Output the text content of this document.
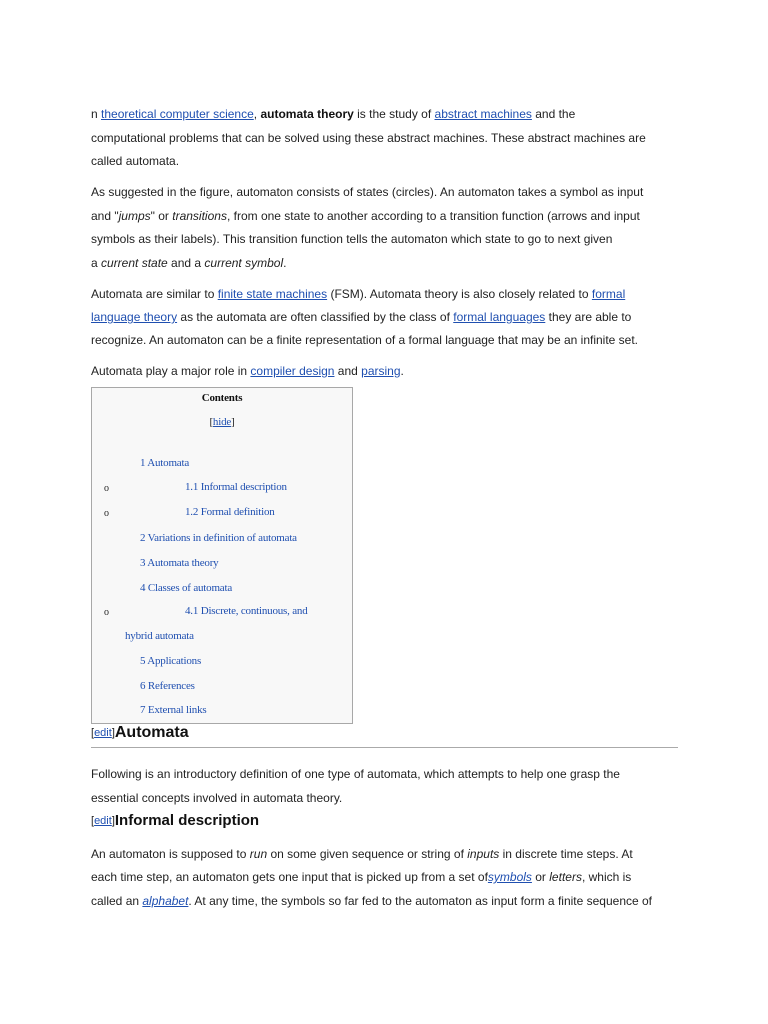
n theoretical computer science, automata theory is the study of abstract machines and the

computational problems that can be solved using these abstract machines. These abstract machines are

called automata.

As suggested in the figure, automaton consists of states (circles). An automaton takes a symbol as input

and "jumps" or transitions, from one state to another according to a transition function (arrows and input

symbols as their labels). This transition function tells the automaton which state to go to next given

a current state and a current symbol.

Automata are similar to finite state machines (FSM). Automata theory is also closely related to formal

language theory as the automata are often classified by the class of formal languages they are able to

recognize. An automaton can be a finite representation of a formal language that may be an infinite set.

Automata play a major role in compiler design and parsing.

Contents
[hide]
1 Automata
o	1.1 Informal description
o	1.2 Formal definition
2 Variations in definition of automata
3 Automata theory
4 Classes of automata
o	4.1 Discrete, continuous, and
hybrid automata
5 Applications
6 References
7 External links
[edit]Automata

Following is an introductory definition of one type of automata, which attempts to help one grasp the

essential concepts involved in automata theory.

[edit]Informal description

An automaton is supposed to run on some given sequence or string of inputs in discrete time steps. At

each time step, an automaton gets one input that is picked up from a set ofsymbols or letters, which is

called an alphabet. At any time, the symbols so far fed to the automaton as input form a finite sequence of
